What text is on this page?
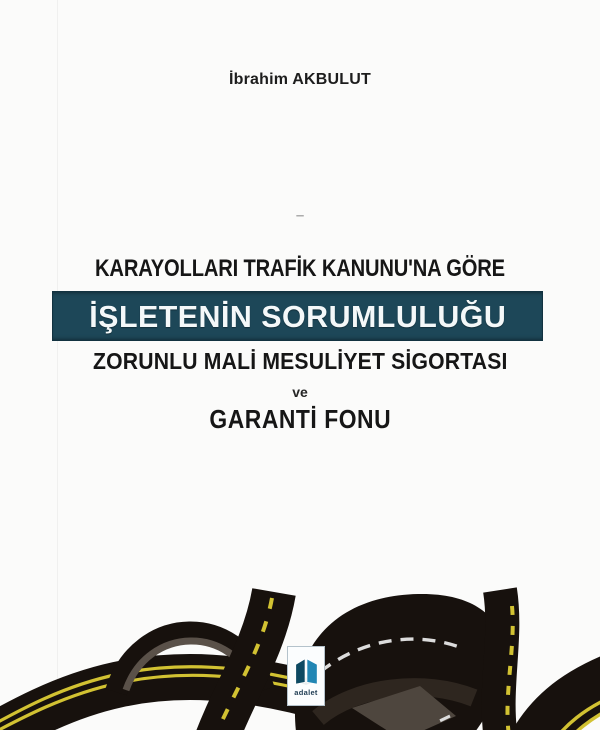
İbrahim AKBULUT
–
KARAYOLLARI TRAFİK KANUNU'NA GÖRE
İŞLETENİN SORUMLULUĞU
ZORUNLU MALİ MESULİYET SİGORTASI
ve
GARANTİ FONU
adalet
